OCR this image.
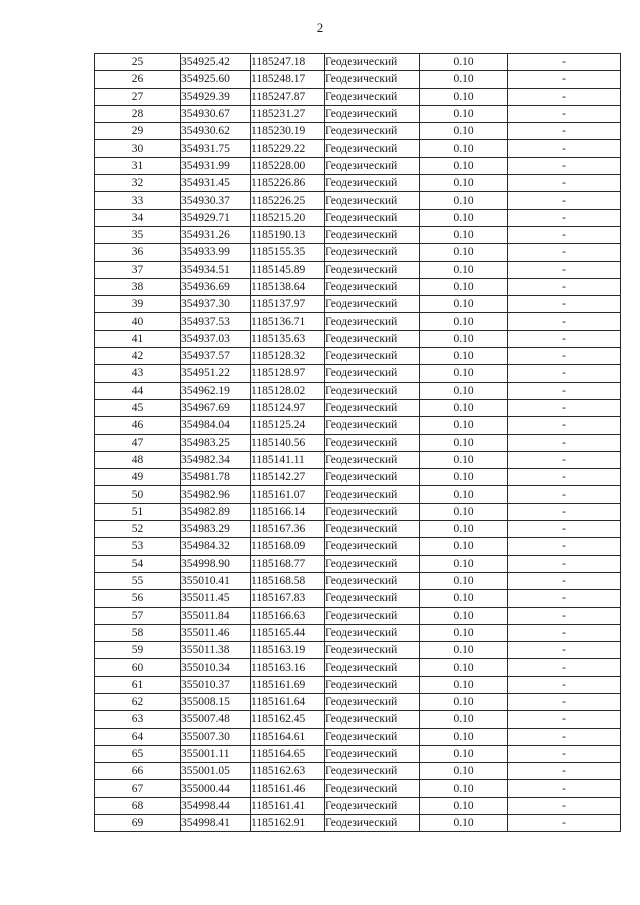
2
25	354925.42	1185247.18	Геодезический	0.10	-
26	354925.60	1185248.17	Геодезический	0.10	-
27	354929.39	1185247.87	Геодезический	0.10	-
28	354930.67	1185231.27	Геодезический	0.10	-
29	354930.62	1185230.19	Геодезический	0.10	-
30	354931.75	1185229.22	Геодезический	0.10	-
31	354931.99	1185228.00	Геодезический	0.10	-
32	354931.45	1185226.86	Геодезический	0.10	-
33	354930.37	1185226.25	Геодезический	0.10	-
34	354929.71	1185215.20	Геодезический	0.10	-
35	354931.26	1185190.13	Геодезический	0.10	-
36	354933.99	1185155.35	Геодезический	0.10	-
37	354934.51	1185145.89	Геодезический	0.10	-
38	354936.69	1185138.64	Геодезический	0.10	-
39	354937.30	1185137.97	Геодезический	0.10	-
40	354937.53	1185136.71	Геодезический	0.10	-
41	354937.03	1185135.63	Геодезический	0.10	-
42	354937.57	1185128.32	Геодезический	0.10	-
43	354951.22	1185128.97	Геодезический	0.10	-
44	354962.19	1185128.02	Геодезический	0.10	-
45	354967.69	1185124.97	Геодезический	0.10	-
46	354984.04	1185125.24	Геодезический	0.10	-
47	354983.25	1185140.56	Геодезический	0.10	-
48	354982.34	1185141.11	Геодезический	0.10	-
49	354981.78	1185142.27	Геодезический	0.10	-
50	354982.96	1185161.07	Геодезический	0.10	-
51	354982.89	1185166.14	Геодезический	0.10	-
52	354983.29	1185167.36	Геодезический	0.10	-
53	354984.32	1185168.09	Геодезический	0.10	-
54	354998.90	1185168.77	Геодезический	0.10	-
55	355010.41	1185168.58	Геодезический	0.10	-
56	355011.45	1185167.83	Геодезический	0.10	-
57	355011.84	1185166.63	Геодезический	0.10	-
58	355011.46	1185165.44	Геодезический	0.10	-
59	355011.38	1185163.19	Геодезический	0.10	-
60	355010.34	1185163.16	Геодезический	0.10	-
61	355010.37	1185161.69	Геодезический	0.10	-
62	355008.15	1185161.64	Геодезический	0.10	-
63	355007.48	1185162.45	Геодезический	0.10	-
64	355007.30	1185164.61	Геодезический	0.10	-
65	355001.11	1185164.65	Геодезический	0.10	-
66	355001.05	1185162.63	Геодезический	0.10	-
67	355000.44	1185161.46	Геодезический	0.10	-
68	354998.44	1185161.41	Геодезический	0.10	-
69	354998.41	1185162.91	Геодезический	0.10	-
